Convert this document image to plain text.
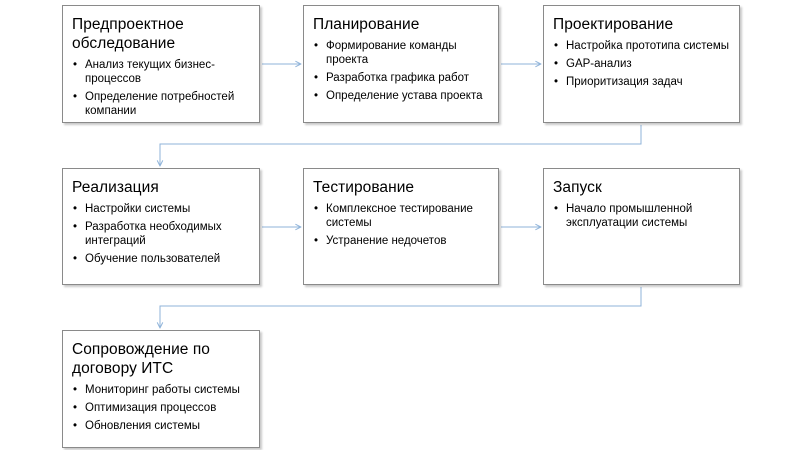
Предпроектное обследование
• Анализ текущих бизнес-процессов
• Определение потребностей компании
Планирование
• Формирование команды проекта
• Разработка графика работ
• Определение устава проекта
Проектирование
• Настройка прототипа системы
• GAP-анализ
• Приоритизация задач
Реализация
• Настройки системы
• Разработка необходимых интеграций
• Обучение пользователей
Тестирование
• Комплексное тестирование системы
• Устранение недочетов
Запуск
• Начало промышленной эксплуатации системы
Сопровождение по договору ИТС
• Мониторинг работы системы
• Оптимизация процессов
• Обновления системы
